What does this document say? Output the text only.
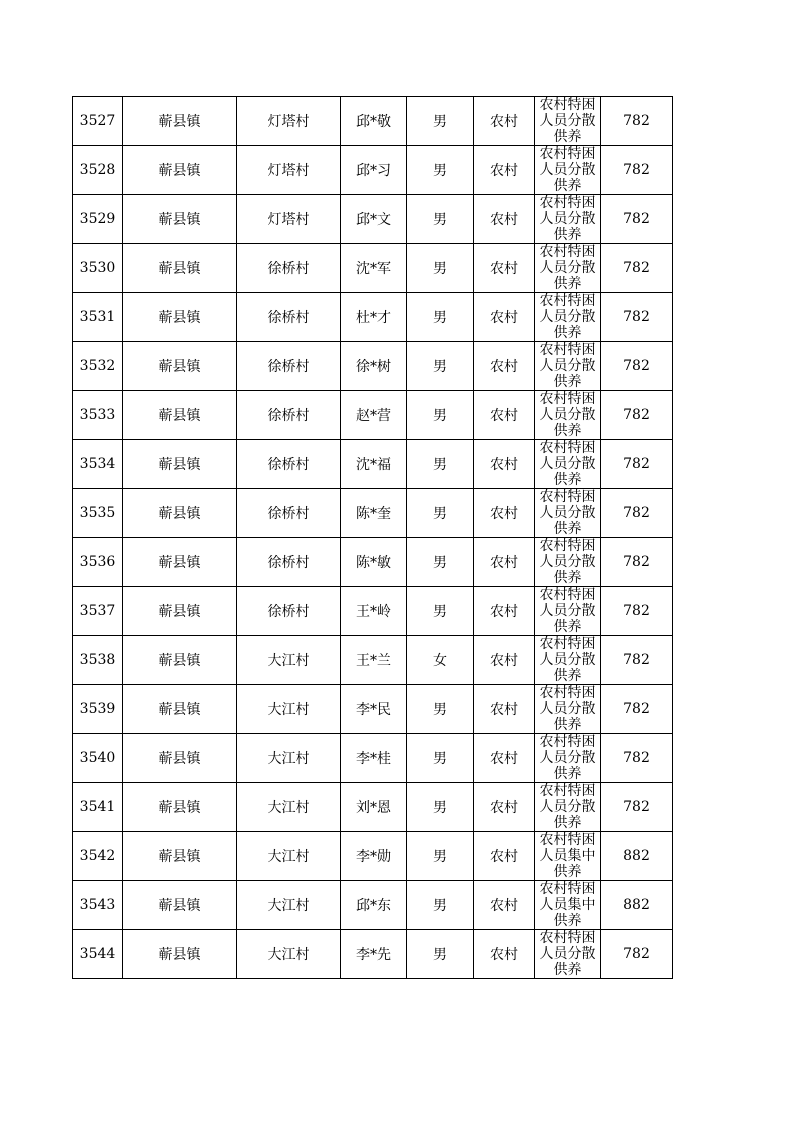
3527	蕲县镇	灯塔村	邱*敬	男	农村	农村特困人员分散供养	782
3528	蕲县镇	灯塔村	邱*习	男	农村	农村特困人员分散供养	782
3529	蕲县镇	灯塔村	邱*文	男	农村	农村特困人员分散供养	782
3530	蕲县镇	徐桥村	沈*军	男	农村	农村特困人员分散供养	782
3531	蕲县镇	徐桥村	杜*才	男	农村	农村特困人员分散供养	782
3532	蕲县镇	徐桥村	徐*树	男	农村	农村特困人员分散供养	782
3533	蕲县镇	徐桥村	赵*营	男	农村	农村特困人员分散供养	782
3534	蕲县镇	徐桥村	沈*福	男	农村	农村特困人员分散供养	782
3535	蕲县镇	徐桥村	陈*奎	男	农村	农村特困人员分散供养	782
3536	蕲县镇	徐桥村	陈*敏	男	农村	农村特困人员分散供养	782
3537	蕲县镇	徐桥村	王*岭	男	农村	农村特困人员分散供养	782
3538	蕲县镇	大江村	王*兰	女	农村	农村特困人员分散供养	782
3539	蕲县镇	大江村	李*民	男	农村	农村特困人员分散供养	782
3540	蕲县镇	大江村	李*桂	男	农村	农村特困人员分散供养	782
3541	蕲县镇	大江村	刘*恩	男	农村	农村特困人员分散供养	782
3542	蕲县镇	大江村	李*勋	男	农村	农村特困人员集中供养	882
3543	蕲县镇	大江村	邱*东	男	农村	农村特困人员集中供养	882
3544	蕲县镇	大江村	李*先	男	农村	农村特困人员分散供养	782
